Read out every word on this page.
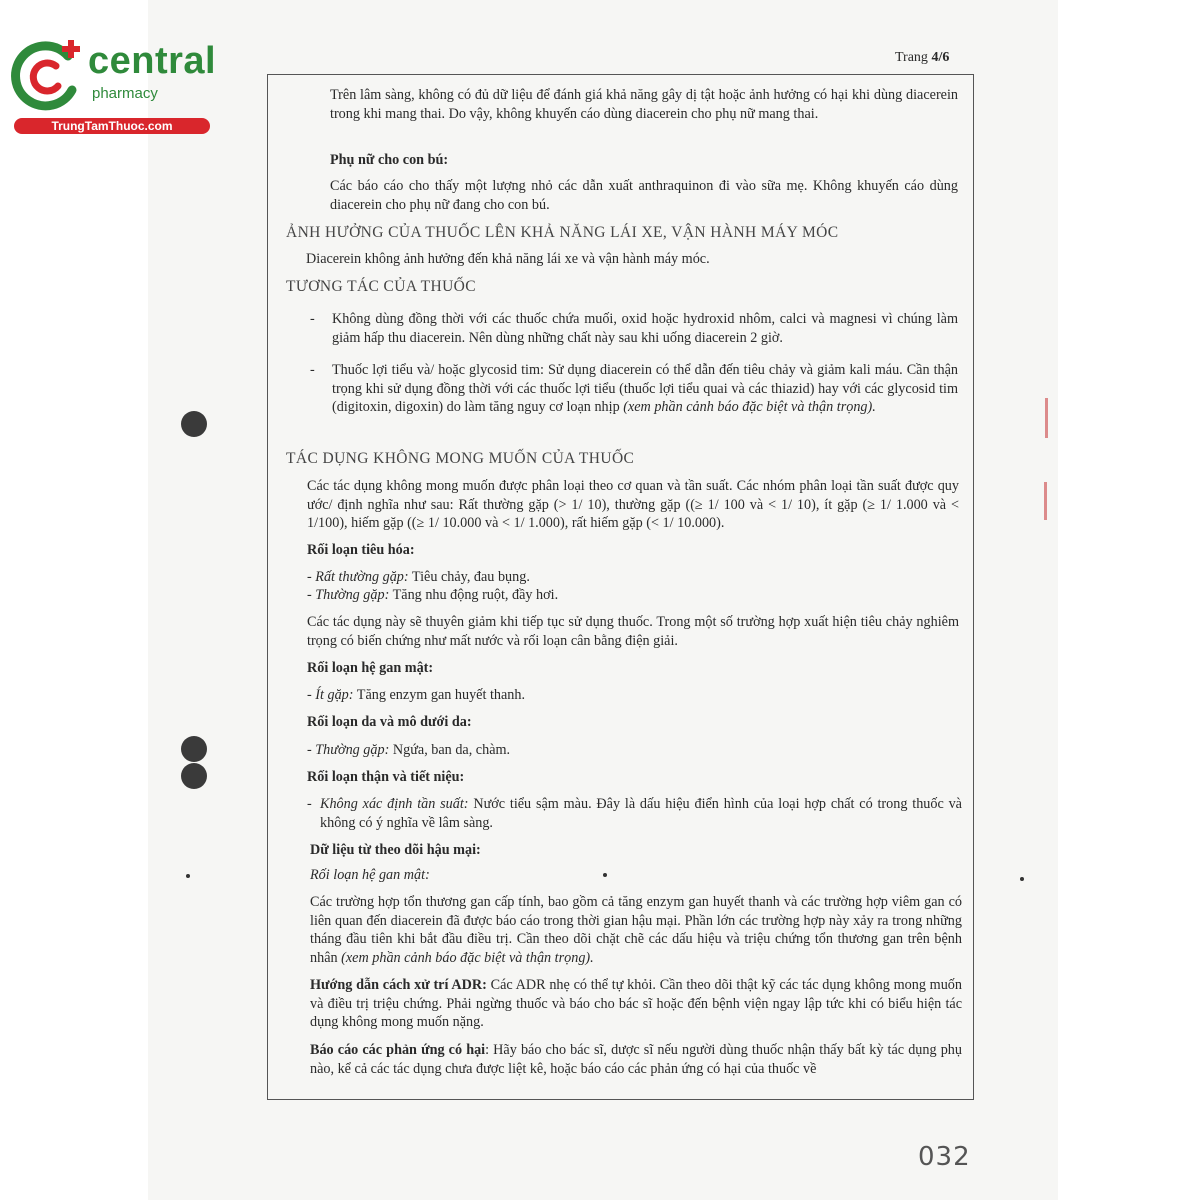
central
pharmacy
TrungTamThuoc.com
Trang 4/6
Trên lâm sàng, không có đủ dữ liệu để đánh giá khả năng gây dị tật hoặc ảnh hưởng có hại khi dùng diacerein trong khi mang thai. Do vậy, không khuyến cáo dùng diacerein cho phụ nữ mang thai.
Phụ nữ cho con bú:
Các báo cáo cho thấy một lượng nhỏ các dẫn xuất anthraquinon đi vào sữa mẹ. Không khuyến cáo dùng diacerein cho phụ nữ đang cho con bú.
ẢNH HƯỞNG CỦA THUỐC LÊN KHẢ NĂNG LÁI XE, VẬN HÀNH MÁY MÓC
Diacerein không ảnh hưởng đến khả năng lái xe và vận hành máy móc.
TƯƠNG TÁC CỦA THUỐC
-	Không dùng đồng thời với các thuốc chứa muối, oxid hoặc hydroxid nhôm, calci và magnesi vì chúng làm giảm hấp thu diacerein. Nên dùng những chất này sau khi uống diacerein 2 giờ.
-	Thuốc lợi tiểu và/ hoặc glycosid tim: Sử dụng diacerein có thể dẫn đến tiêu chảy và giảm kali máu. Cần thận trọng khi sử dụng đồng thời với các thuốc lợi tiểu (thuốc lợi tiểu quai và các thiazid) hay với các glycosid tim (digitoxin, digoxin) do làm tăng nguy cơ loạn nhịp (xem phần cảnh báo đặc biệt và thận trọng).
TÁC DỤNG KHÔNG MONG MUỐN CỦA THUỐC
Các tác dụng không mong muốn được phân loại theo cơ quan và tần suất. Các nhóm phân loại tần suất được quy ước/ định nghĩa như sau: Rất thường gặp (> 1/ 10), thường gặp ((≥ 1/ 100 và < 1/ 10), ít gặp (≥ 1/ 1.000 và < 1/100), hiếm gặp ((≥ 1/ 10.000 và < 1/ 1.000), rất hiếm gặp (< 1/ 10.000).
Rối loạn tiêu hóa:
- Rất thường gặp: Tiêu chảy, đau bụng.
- Thường gặp: Tăng nhu động ruột, đầy hơi.
Các tác dụng này sẽ thuyên giảm khi tiếp tục sử dụng thuốc. Trong một số trường hợp xuất hiện tiêu chảy nghiêm trọng có biến chứng như mất nước và rối loạn cân bằng điện giải.
Rối loạn hệ gan mật:
- Ít gặp: Tăng enzym gan huyết thanh.
Rối loạn da và mô dưới da:
- Thường gặp: Ngứa, ban da, chàm.
Rối loạn thận và tiết niệu:
- Không xác định tần suất: Nước tiểu sậm màu. Đây là dấu hiệu điển hình của loại hợp chất có trong thuốc và không có ý nghĩa về lâm sàng.
Dữ liệu từ theo dõi hậu mại:
Rối loạn hệ gan mật:
Các trường hợp tổn thương gan cấp tính, bao gồm cả tăng enzym gan huyết thanh và các trường hợp viêm gan có liên quan đến diacerein đã được báo cáo trong thời gian hậu mại. Phần lớn các trường hợp này xảy ra trong những tháng đầu tiên khi bắt đầu điều trị. Cần theo dõi chặt chẽ các dấu hiệu và triệu chứng tổn thương gan trên bệnh nhân (xem phần cảnh báo đặc biệt và thận trọng).
Hướng dẫn cách xử trí ADR: Các ADR nhẹ có thể tự khỏi. Cần theo dõi thật kỹ các tác dụng không mong muốn và điều trị triệu chứng. Phải ngừng thuốc và báo cho bác sĩ hoặc đến bệnh viện ngay lập tức khi có biểu hiện tác dụng không mong muốn nặng.
Báo cáo các phản ứng có hại: Hãy báo cho bác sĩ, dược sĩ nếu người dùng thuốc nhận thấy bất kỳ tác dụng phụ nào, kể cả các tác dụng chưa được liệt kê, hoặc báo cáo các phản ứng có hại của thuốc về
032
